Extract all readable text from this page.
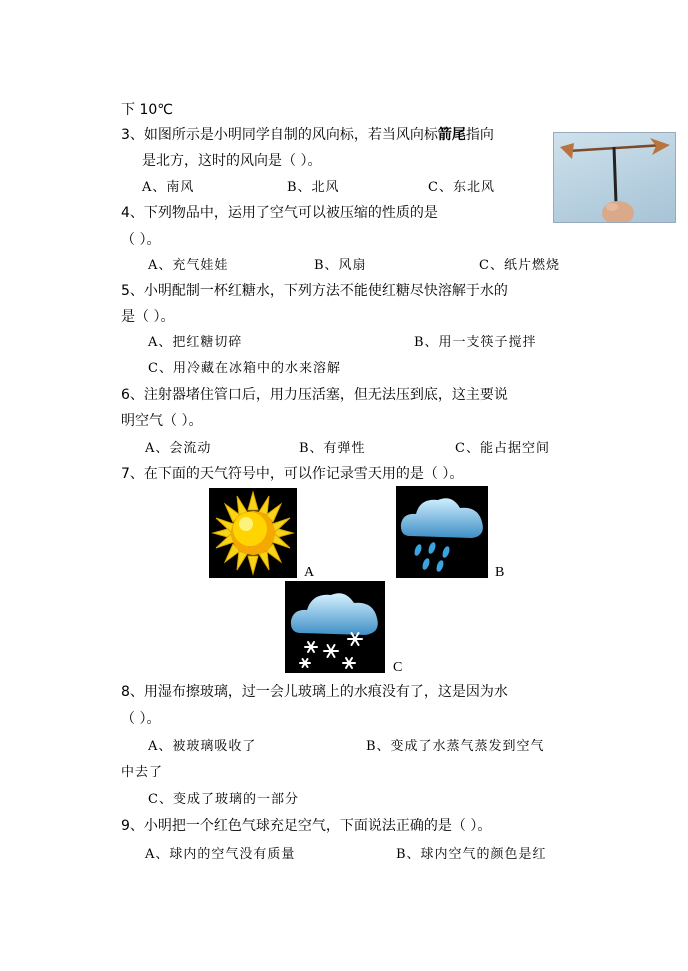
下 10℃
3、如图所示是小明同学自制的风向标，若当风向标箭尾指向
是北方，这时的风向是（ ）。
A、南风	B、北风	C、东北风
4、下列物品中，运用了空气可以被压缩的性质的是
（ ）。
A、充气娃娃	B、风扇	C、纸片燃烧
5、小明配制一杯红糖水，下列方法不能使红糖尽快溶解于水的
是（ ）。
A、把红糖切碎	B、用一支筷子搅拌
C、用冷藏在冰箱中的水来溶解
6、注射器堵住管口后，用力压活塞，但无法压到底，这主要说
明空气（ ）。
A、会流动	B、有弹性	C、能占据空间
7、在下面的天气符号中，可以作记录雪天用的是（ ）。
A	B
C
8、用湿布擦玻璃，过一会儿玻璃上的水痕没有了，这是因为水
（ ）。
A、被玻璃吸收了	B、变成了水蒸气蒸发到空气
中去了
C、变成了玻璃的一部分
9、小明把一个红色气球充足空气，下面说法正确的是（ ）。
A、球内的空气没有质量	B、球内空气的颜色是红
